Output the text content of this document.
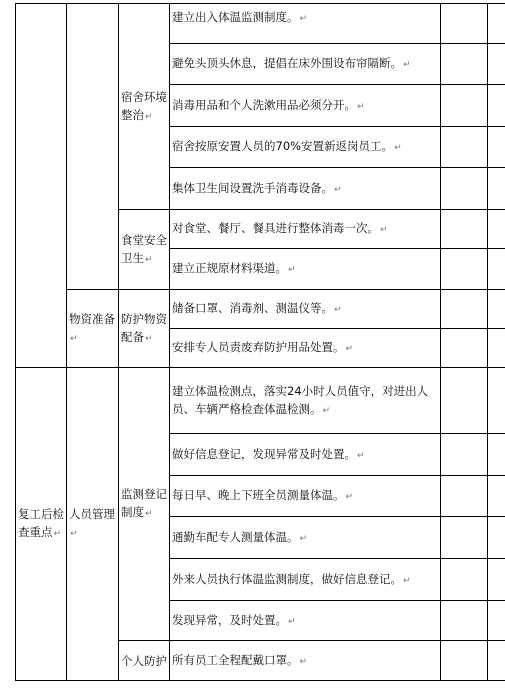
		宿舍环境整治↵	建立出入体温监测制度。↵		
			避免头顶头休息，提倡在床外围设布帘隔断。↵		
			消毒用品和个人洗漱用品必须分开。↵		
			宿舍按原安置人员的70%安置新返岗员工。↵		
			集体卫生间设置洗手消毒设备。↵		
		食堂安全卫生↵	对食堂、餐厅、餐具进行整体消毒一次。↵		
			建立正规原材料渠道。↵		
	物资准备↵	防护物资配备↵	储备口罩、消毒剂、测温仪等。↵		
			安排专人员责废弃防护用品处置。↵		
复工后检查重点↵	人员管理↵	监测登记制度↵	建立体温检测点，落实24小时人员值守，对进出人员、车辆严格检查体温检测。↵		
			做好信息登记，发现异常及时处置。↵		
			每日早、晚上下班全员测量体温。↵		
			通勤车配专人测量体温。↵		
			外来人员执行体温监测制度，做好信息登记。↵		
			发现异常，及时处置。↵		
		个人防护	所有员工全程配戴口罩。↵		
